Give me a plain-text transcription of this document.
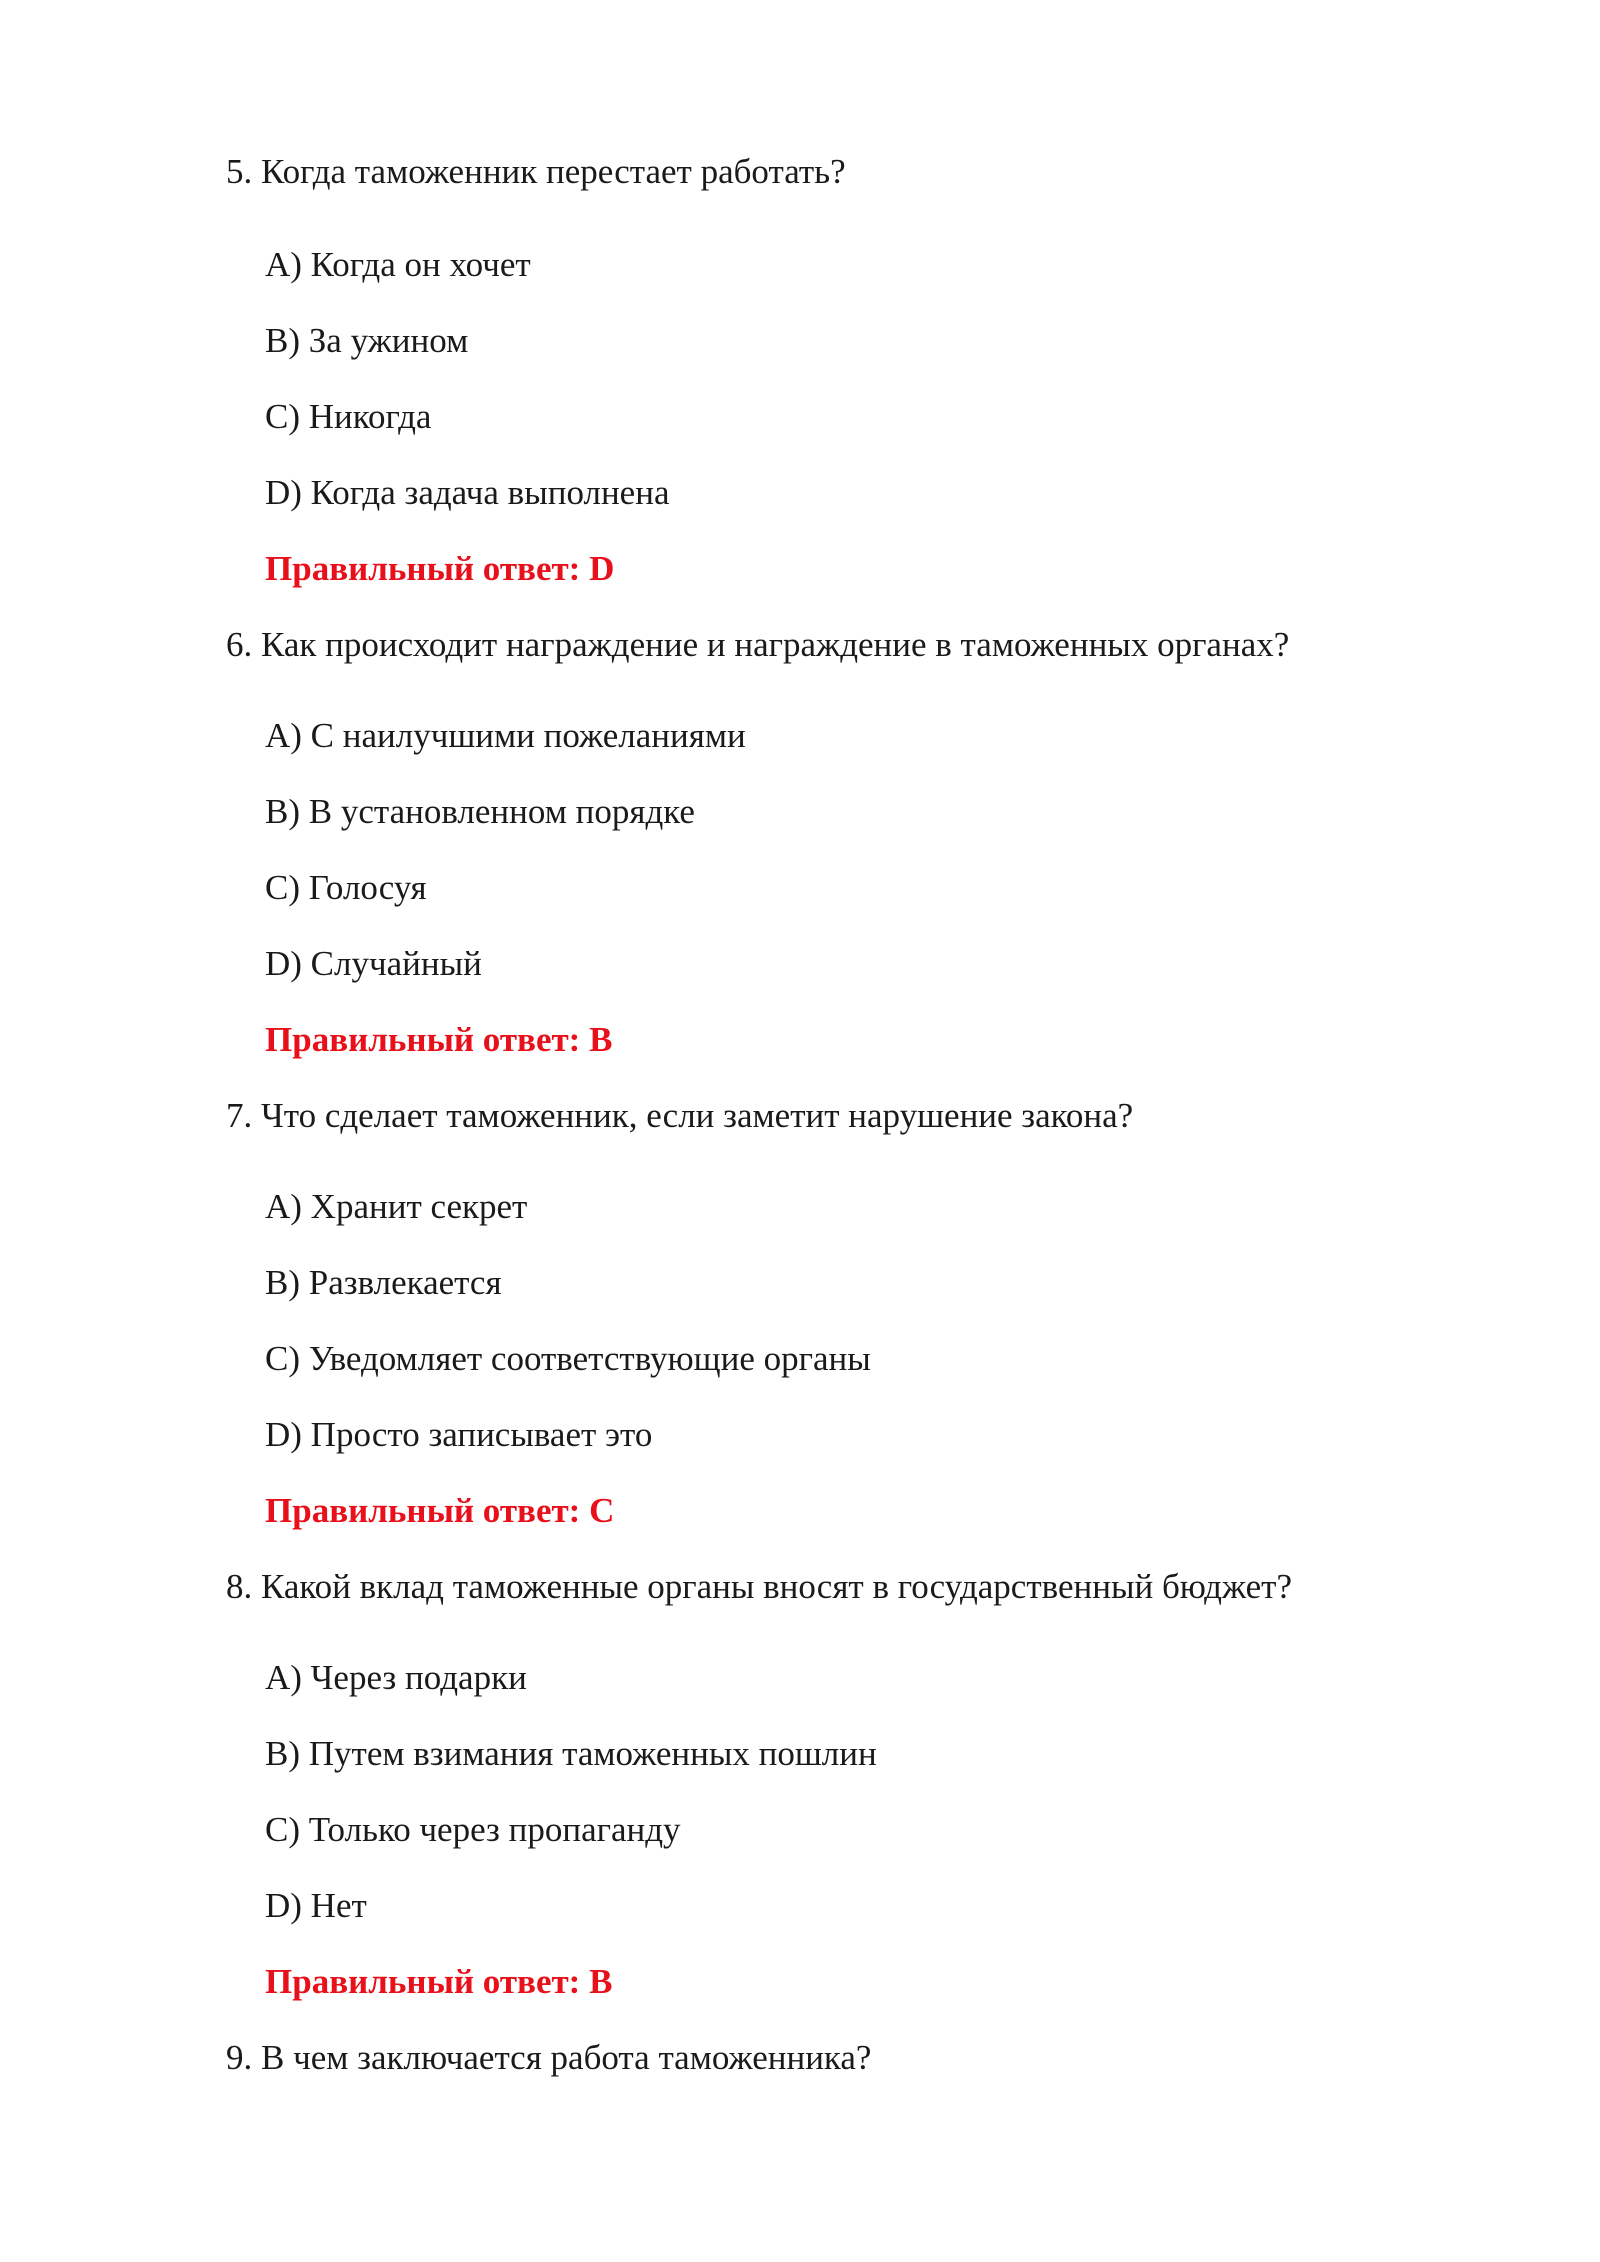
5. Когда таможенник перестает работать?
A) Когда он хочет
B) За ужином
C) Никогда
D) Когда задача выполнена
Правильный ответ: D
6. Как происходит награждение и награждение в таможенных органах?
A) С наилучшими пожеланиями
B) В установленном порядке
C) Голосуя
D) Случайный
Правильный ответ: B
7. Что сделает таможенник, если заметит нарушение закона?
A) Хранит секрет
B) Развлекается
C) Уведомляет соответствующие органы
D) Просто записывает это
Правильный ответ: C
8. Какой вклад таможенные органы вносят в государственный бюджет?
A) Через подарки
B) Путем взимания таможенных пошлин
C) Только через пропаганду
D) Нет
Правильный ответ: B
9. В чем заключается работа таможенника?
